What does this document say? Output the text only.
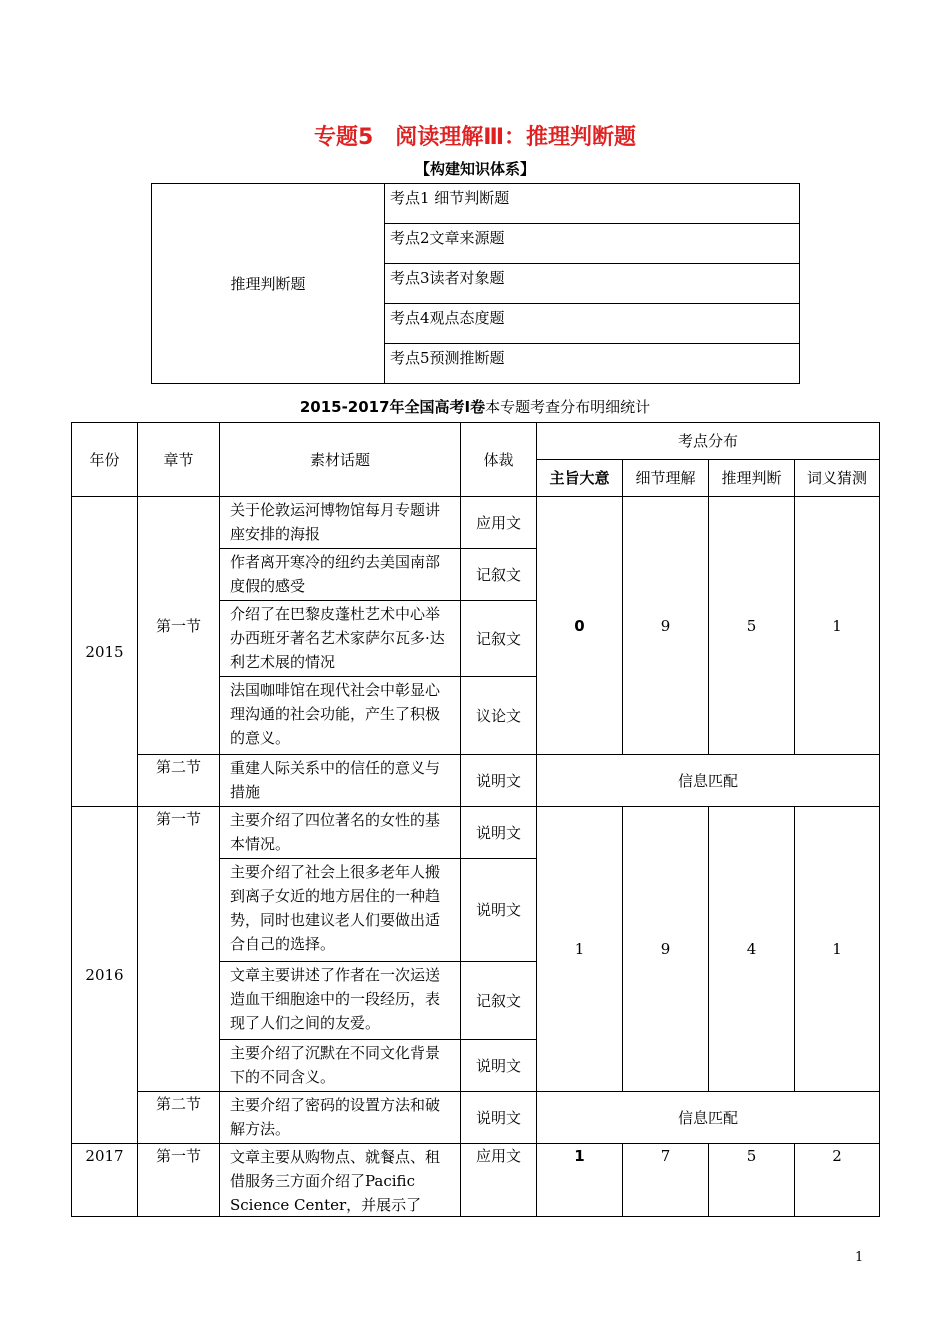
专题5　阅读理解Ⅲ：推理判断题
【构建知识体系】
推理判断题	考点1 细节判断题
考点2文章来源题
考点3读者对象题
考点4观点态度题
考点5预测推断题
2015-2017年全国高考Ⅰ卷本专题考查分布明细统计
年份	章节	素材话题	体裁	考点分布			
				主旨大意	细节理解	推理判断	词义猜测
2015	第一节	关于伦敦运河博物馆每月专题讲座安排的海报	应用文	0	9	5	1
		作者离开寒冷的纽约去美国南部度假的感受	记叙文				
		介绍了在巴黎皮蓬杜艺术中心举办西班牙著名艺术家萨尔瓦多·达利艺术展的情况	记叙文				
		法国咖啡馆在现代社会中彰显心理沟通的社会功能，产生了积极的意义。	议论文				
	第二节	重建人际关系中的信任的意义与措施	说明文	信息匹配			
2016	第一节	主要介绍了四位著名的女性的基本情况。	说明文	1	9	4	1
		主要介绍了社会上很多老年人搬到离子女近的地方居住的一种趋势，同时也建议老人们要做出适合自己的选择。	说明文				
		文章主要讲述了作者在一次运送造血干细胞途中的一段经历，表现了人们之间的友爱。	记叙文				
		主要介绍了沉默在不同文化背景下的不同含义。	说明文				
	第二节	主要介绍了密码的设置方法和破解方法。	说明文	信息匹配			
2017	第一节	文章主要从购物点、就餐点、租借服务三方面介绍了Pacific Science Center，并展示了	应用文	1	7	5	2
1
